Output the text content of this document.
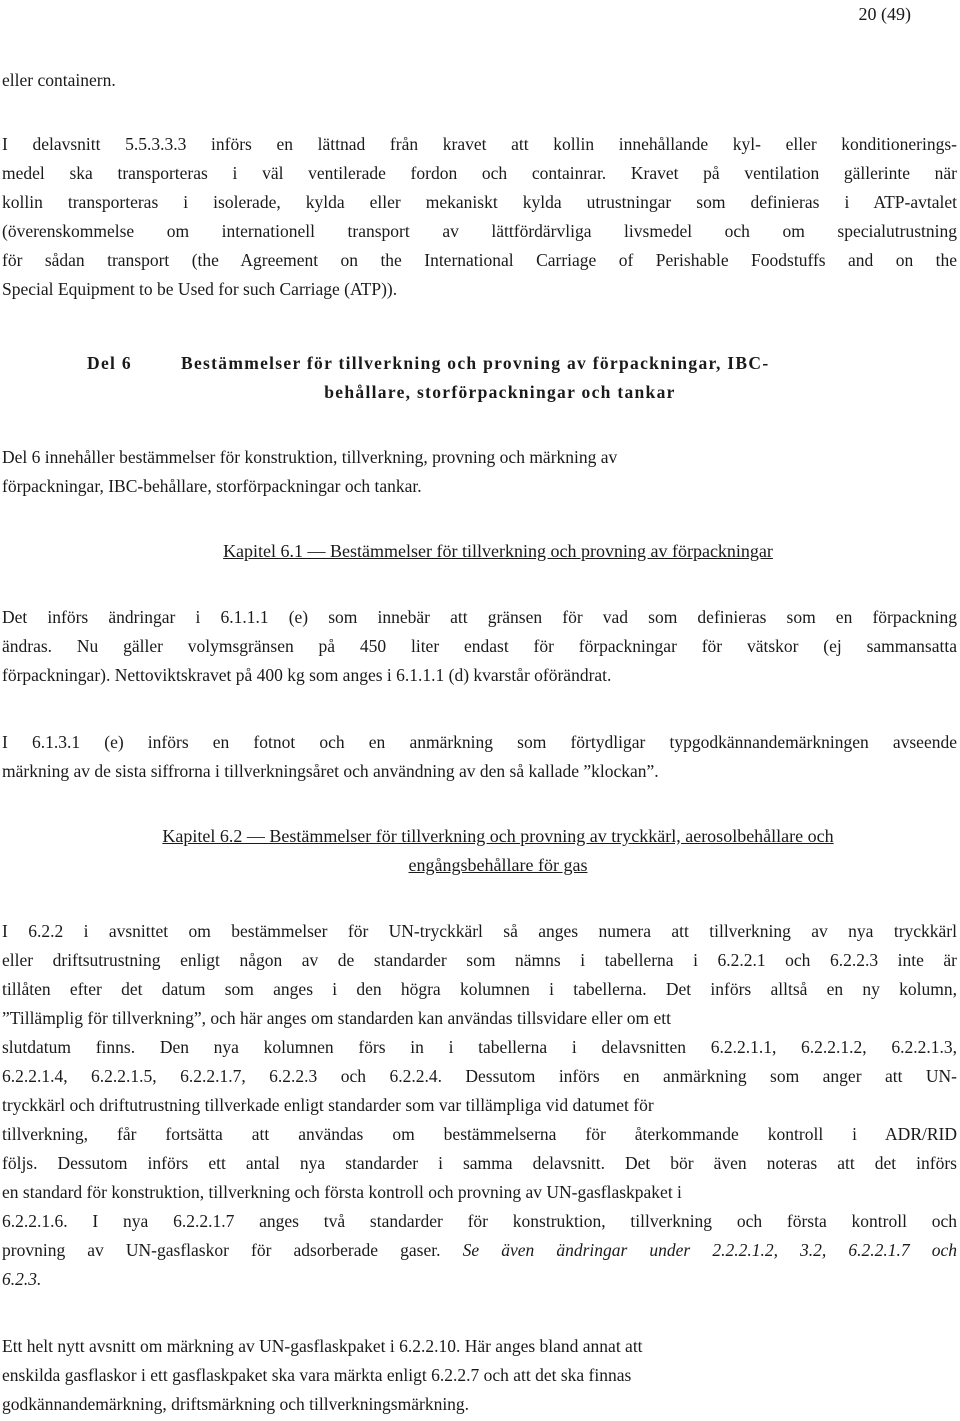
20 (49)

eller containern.

I delavsnitt 5.5.3.3.3 införs en lättnad från kravet att kollin innehållande kyl- eller konditionerings-
medel ska transporteras i väl ventilerade fordon och containrar. Kravet på ventilation gällerinte när
kollin transporteras i isolerade, kylda eller mekaniskt kylda utrustningar som definieras i ATP-avtalet
(överenskommelse om internationell transport av lättfördärvliga livsmedel och om specialutrustning
för sådan transport (the Agreement on the International Carriage of Perishable Foodstuffs and on the
Special Equipment to be Used for such Carriage (ATP)).

Del 6	Bestämmelser för tillverkning och provning av förpackningar, IBC-
behållare, storförpackningar och tankar

Del 6 innehåller bestämmelser för konstruktion, tillverkning, provning och märkning av
förpackningar, IBC-behållare, storförpackningar och tankar.

Kapitel 6.1 — Bestämmelser för tillverkning och provning av förpackningar

Det införs ändringar i 6.1.1.1 (e) som innebär att gränsen för vad som definieras som en förpackning
ändras. Nu gäller volymsgränsen på 450 liter endast för förpackningar för vätskor (ej sammansatta
förpackningar). Nettoviktskravet på 400 kg som anges i 6.1.1.1 (d) kvarstår oförändrat.

I 6.1.3.1 (e) införs en fotnot och en anmärkning som förtydligar typgodkännandemärkningen avseende
märkning av de sista siffrorna i tillverkningsåret och användning av den så kallade ”klockan”.

Kapitel 6.2 — Bestämmelser för tillverkning och provning av tryckkärl, aerosolbehållare och

engångsbehållare för gas

I 6.2.2 i avsnittet om bestämmelser för UN-tryckkärl så anges numera att tillverkning av nya tryckkärl
eller driftsutrustning enligt någon av de standarder som nämns i tabellerna i 6.2.2.1 och 6.2.2.3 inte är
tillåten efter det datum som anges i den högra kolumnen i tabellerna. Det införs alltså en ny kolumn,
”Tillämplig för tillverkning”, och här anges om standarden kan användas tillsvidare eller om ett
slutdatum finns. Den nya kolumnen förs in i tabellerna i delavsnitten 6.2.2.1.1, 6.2.2.1.2, 6.2.2.1.3,
6.2.2.1.4, 6.2.2.1.5, 6.2.2.1.7, 6.2.2.3 och 6.2.2.4. Dessutom införs en anmärkning som anger att UN-
tryckkärl och driftutrustning tillverkade enligt standarder som var tillämpliga vid datumet för
tillverkning, får fortsätta att användas om bestämmelserna för återkommande kontroll i ADR/RID
följs. Dessutom införs ett antal nya standarder i samma delavsnitt. Det bör även noteras att det införs
en standard för konstruktion, tillverkning och första kontroll och provning av UN-gasflaskpaket i
6.2.2.1.6. I nya 6.2.2.1.7 anges två standarder för konstruktion, tillverkning och första kontroll och
provning av UN-gasflaskor för adsorberade gaser. Se även ändringar under 2.2.2.1.2, 3.2, 6.2.2.1.7 och
6.2.3.

Ett helt nytt avsnitt om märkning av UN-gasflaskpaket i 6.2.2.10. Här anges bland annat att
enskilda gasflaskor i ett gasflaskpaket ska vara märkta enligt 6.2.2.7 och att det ska finnas
godkännandemärkning, driftsmärkning och tillverkningsmärkning.
